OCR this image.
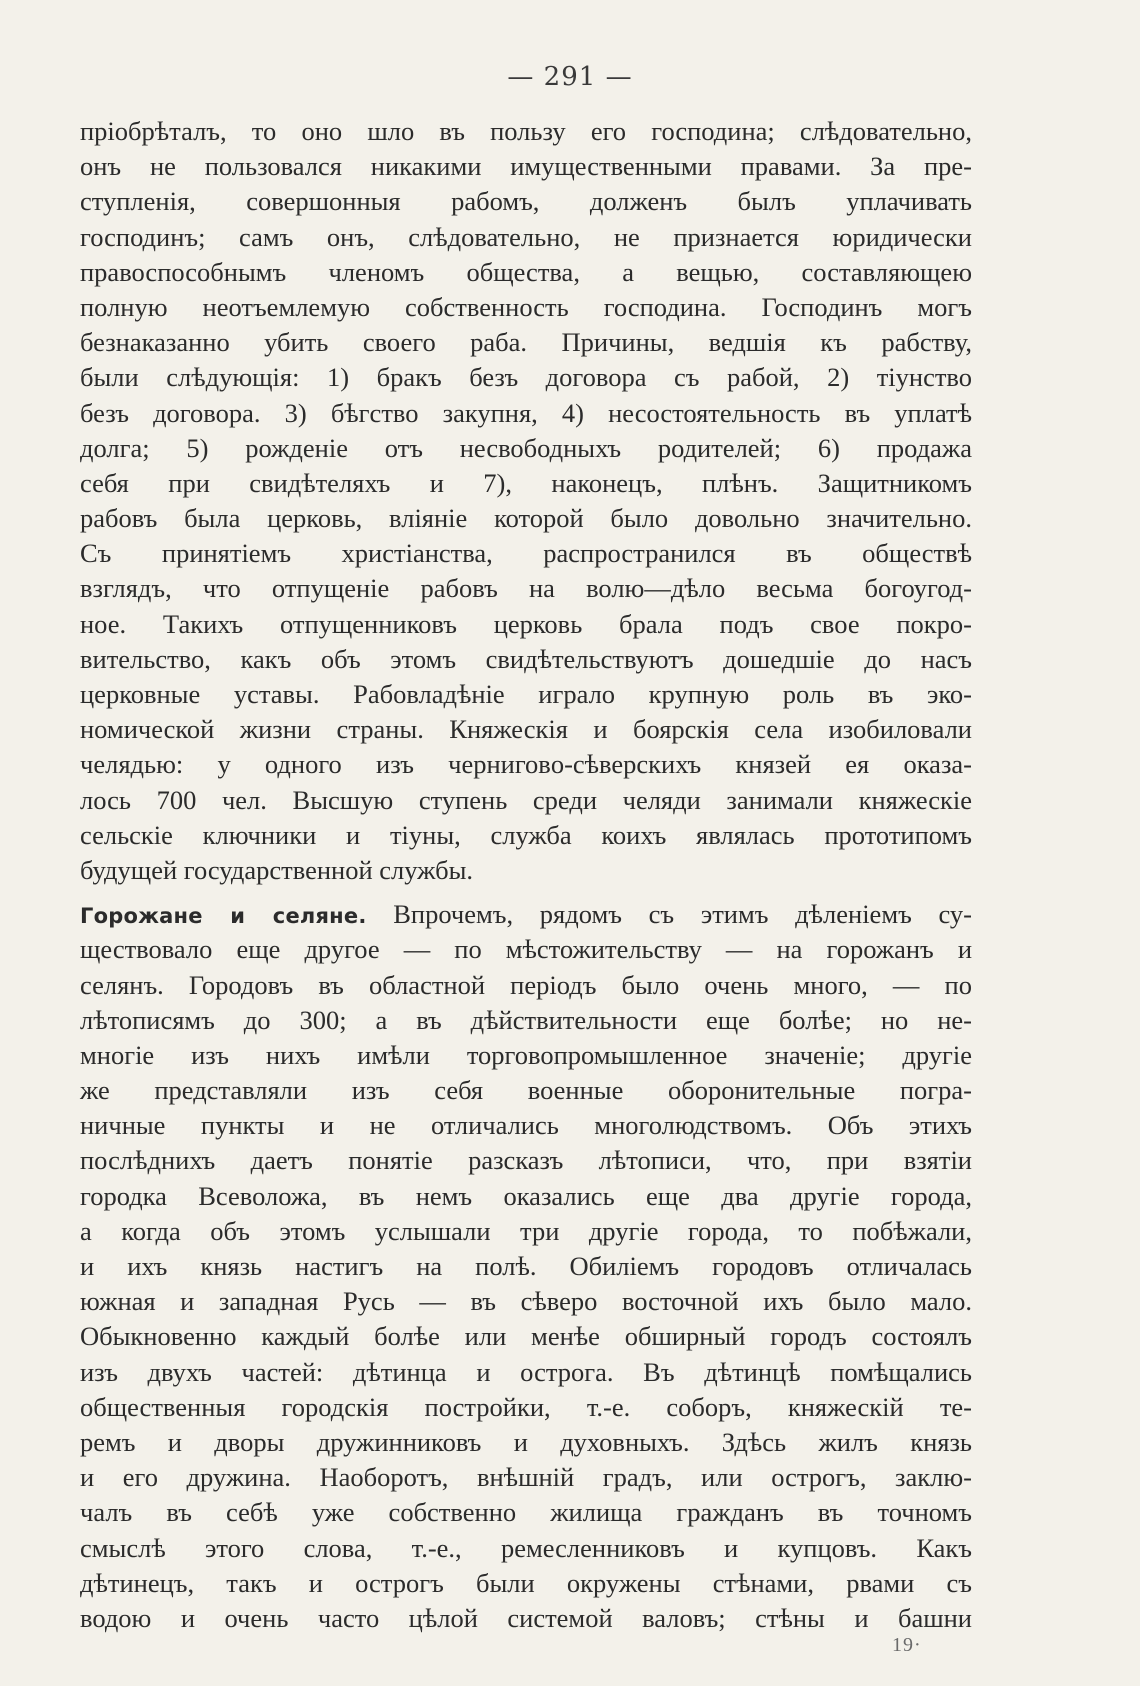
— 291 —
пріобрѣталъ, то оно шло въ пользу его господина; слѣдовательно,
онъ не пользовался никакими имущественными правами. За пре-
ступленія, совершонныя рабомъ, долженъ былъ уплачивать
господинъ; самъ онъ, слѣдовательно, не признается юридически
правоспособнымъ членомъ общества, а вещью, составляющею
полную неотъемлемую собственность господина. Господинъ могъ
безнаказанно убить своего раба. Причины, ведшія къ рабству,
были слѣдующія: 1) бракъ безъ договора съ рабой, 2) тіунство
безъ договора. 3) бѣгство закупня, 4) несостоятельность въ уплатѣ
долга; 5) рожденіе отъ несвободныхъ родителей; 6) продажа
себя при свидѣтеляхъ и 7), наконецъ, плѣнъ. Защитникомъ
рабовъ была церковь, вліяніе которой было довольно значительно.
Съ принятіемъ христіанства, распространился въ обществѣ
взглядъ, что отпущеніе рабовъ на волю—дѣло весьма богоугод-
ное. Такихъ отпущенниковъ церковь брала подъ свое покро-
вительство, какъ объ этомъ свидѣтельствуютъ дошедшіе до насъ
церковные уставы. Рабовладѣніе играло крупную роль въ эко-
номической жизни страны. Княжескія и боярскія села изобиловали
челядью: у одного изъ черниговo-сѣверскихъ князей ея оказа-
лось 700 чел. Высшую ступень среди челяди занимали княжескіе
сельскіе ключники и тіуны, служба коихъ являлась прототипомъ
будущей государственной службы.
Горожане и селяне. Впрочемъ, рядомъ съ этимъ дѣленіемъ су-
ществовало еще другое — по мѣстожительству — на горожанъ и
селянъ. Городовъ въ областной періодъ было очень много, — по
лѣтописямъ до 300; а въ дѣйствительности еще болѣе; но не-
многіе изъ нихъ имѣли торговопромышленное значеніе; другіе
же представляли изъ себя военные оборонительные погра-
ничные пункты и не отличались многолюдствомъ. Объ этихъ
послѣднихъ даетъ понятіе разсказъ лѣтописи, что, при взятіи
городка Всеволожа, въ немъ оказались еще два другіе города,
а когда объ этомъ услышали три другіе города, то побѣжали,
и ихъ князь настигъ на полѣ. Обиліемъ городовъ отличалась
южная и западная Русь — въ сѣверо восточной ихъ было мало.
Обыкновенно каждый болѣе или менѣе обширный городъ состоялъ
изъ двухъ частей: дѣтинца и острога. Въ дѣтинцѣ помѣщались
общественныя городскія постройки, т.-е. соборъ, княжескій те-
ремъ и дворы дружинниковъ и духовныхъ. Здѣсь жилъ князь
и его дружина. Наоборотъ, внѣшній градъ, или острогъ, заклю-
чалъ въ себѣ уже собственно жилища гражданъ въ точномъ
смыслѣ этого слова, т.-е., ремесленниковъ и купцовъ. Какъ
дѣтинецъ, такъ и острогъ были окружены стѣнами, рвами съ
водою и очень часто цѣлой системой валовъ; стѣны и башни
19·
